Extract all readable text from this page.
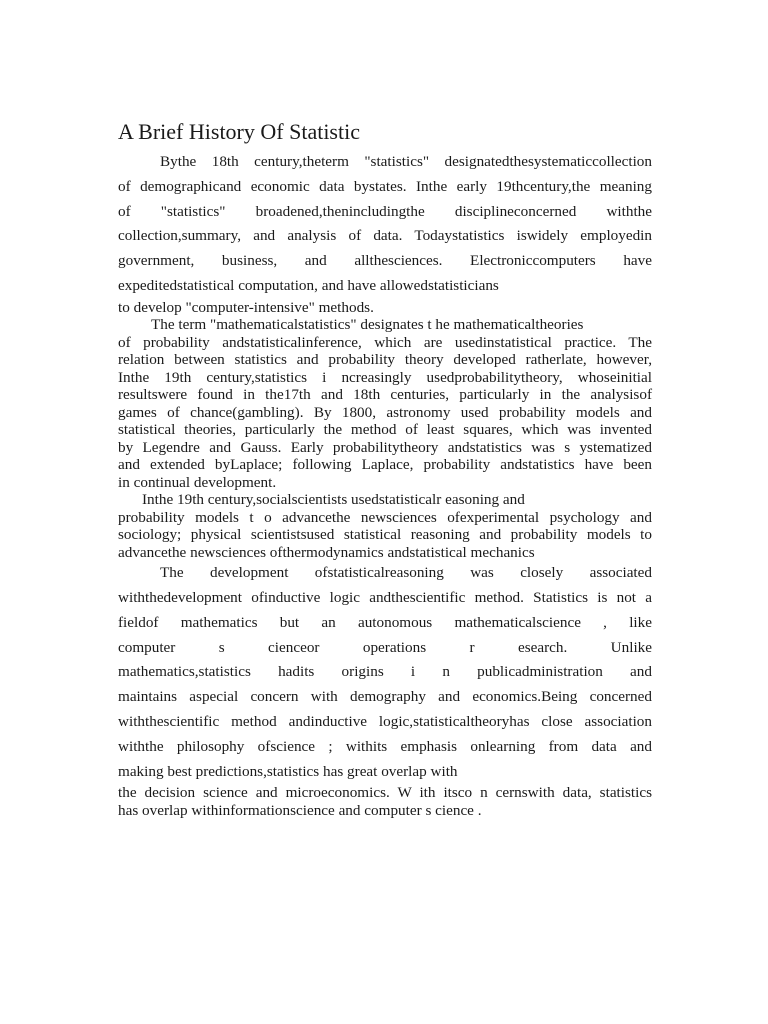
A Brief History Of Statistic

Bythe 18th century,theterm "statistics" designatedthesystematiccollection
of demographicand economic data bystates. Inthe early 19thcentury,the meaning
of "statistics" broadened,thenincludingthe disciplineconcerned withthe
collection,summary, and analysis of data. Todaystatistics iswidely employedin
government, business, and allthesciences. Electroniccomputers have
expeditedstatistical computation, and have allowedstatisticians

to develop "computer-intensive" methods.

The term "mathematicalstatistics" designates t he mathematicaltheories
of probability andstatisticalinference, which are usedinstatistical practice. The
relation between statistics and probability theory developed ratherlate, however,
Inthe 19th century,statistics i ncreasingly usedprobabilitytheory, whoseinitial
resultswere found in the17th and 18th centuries, particularly in the analysisof
games of chance(gambling). By 1800, astronomy used probability models and
statistical theories, particularly the method of least squares, which was invented
by Legendre and Gauss. Early probabilitytheory andstatistics was s ystematized
and extended byLaplace; following Laplace, probability andstatistics have been
in continual development.

Inthe 19th century,socialscientists usedstatisticalr easoning and
probability models t o advancethe newsciences ofexperimental psychology and
sociology; physical scientistsused statistical reasoning and probability models to
advancethe newsciences ofthermodynamics andstatistical mechanics

The development ofstatisticalreasoning was closely associated
withthedevelopment ofinductive logic andthescientific method. Statistics is not a
fieldof mathematics but an autonomous mathematicalscience , like
computer s cienceor operations r esearch. Unlike
mathematics,statistics hadits origins i n publicadministration and
maintains aspecial concern with demography and economics.Being concerned
withthescientific method andinductive logic,statisticaltheoryhas close association
withthe philosophy ofscience ; withits emphasis onlearning from data and
making best predictions,statistics has great overlap with

the decision science and microeconomics. W ith itsco n cernswith data, statistics
has overlap withinformationscience and computer s cience .
